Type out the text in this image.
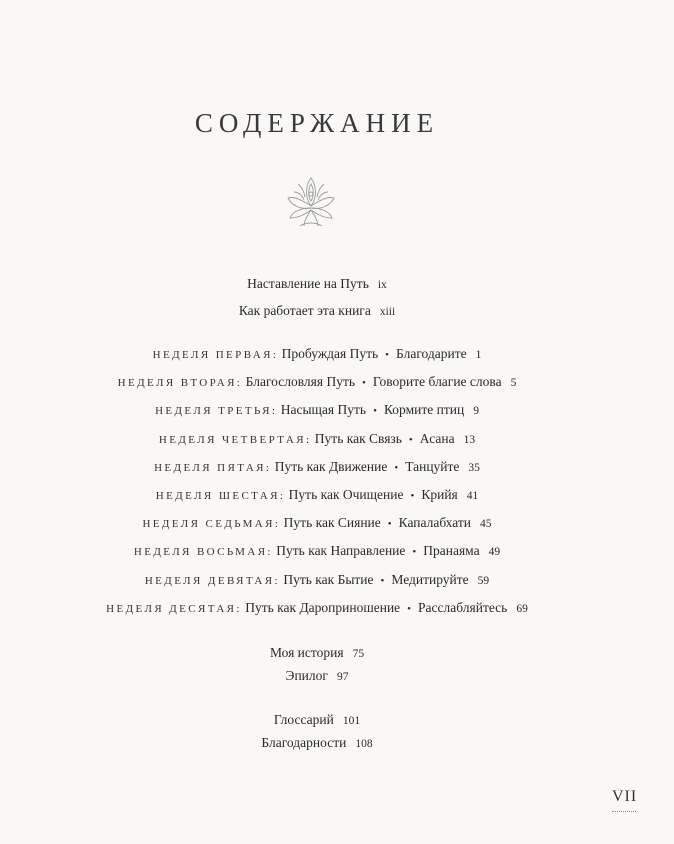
СОДЕРЖАНИЕ
Наставление на Путь ix
Как работает эта книга xiii
НЕДЕЛЯ ПЕРВАЯ: Пробуждая Путь • Благодарите 1
НЕДЕЛЯ ВТОРАЯ: Благословляя Путь • Говорите благие слова 5
НЕДЕЛЯ ТРЕТЬЯ: Насыщая Путь • Кормите птиц 9
НЕДЕЛЯ ЧЕТВЕРТАЯ: Путь как Связь • Асана 13
НЕДЕЛЯ ПЯТАЯ: Путь как Движение • Танцуйте 35
НЕДЕЛЯ ШЕСТАЯ: Путь как Очищение • Крийя 41
НЕДЕЛЯ СЕДЬМАЯ: Путь как Сияние • Капалабхати 45
НЕДЕЛЯ ВОСЬМАЯ: Путь как Направление • Пранаяма 49
НЕДЕЛЯ ДЕВЯТАЯ: Путь как Бытие • Медитируйте 59
НЕДЕЛЯ ДЕСЯТАЯ: Путь как Дароприношение • Расслабляйтесь 69
Моя история 75
Эпилог 97
Глоссарий 101
Благодарности 108
VII
